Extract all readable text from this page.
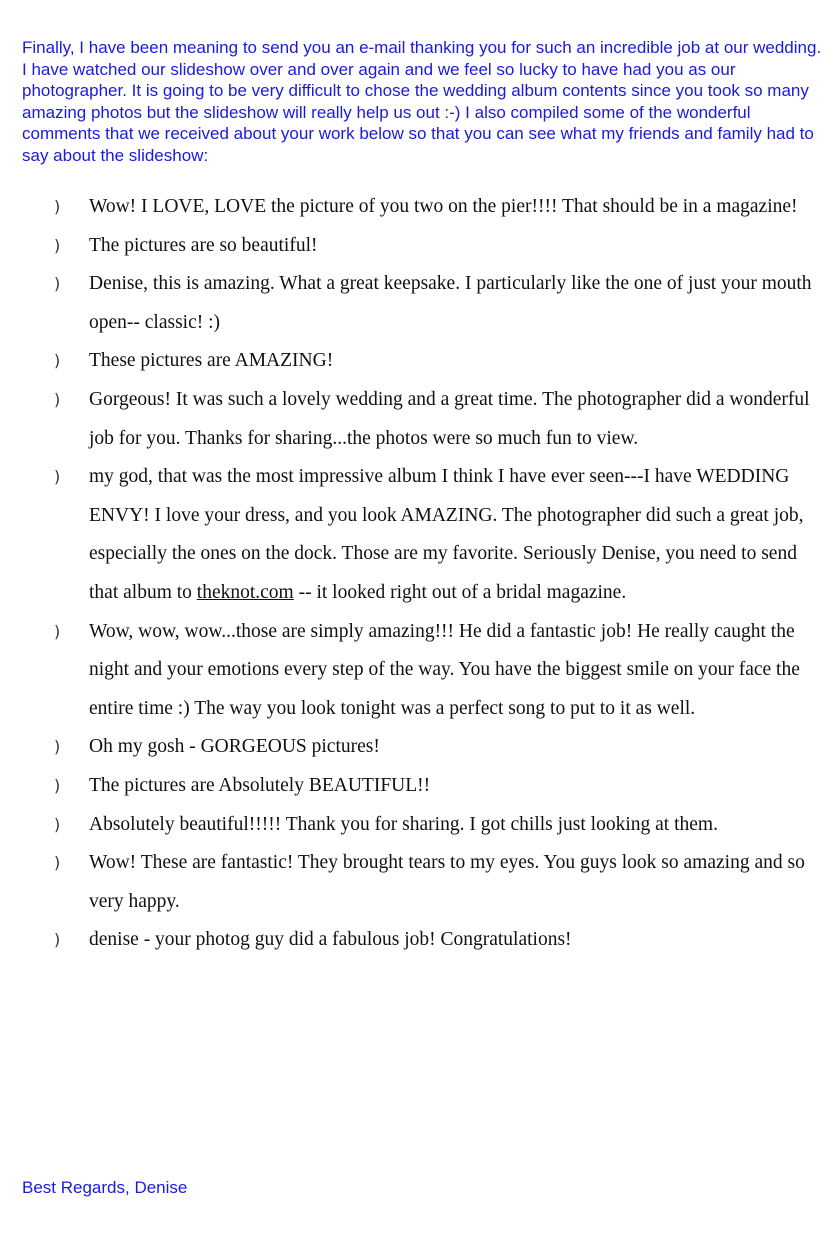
Finally, I have been meaning to send you an e-mail thanking you for such an incredible job at our wedding. I have watched our slideshow over and over again and we feel so lucky to have had you as our photographer. It is going to be very difficult to chose the wedding album contents since you took so many amazing photos but the slideshow will really help us out :-) I also compiled some of the wonderful comments that we received about your work below so that you can see what my friends and family had to say about the slideshow:

) Wow! I LOVE, LOVE the picture of you two on the pier!!!! That should be in a magazine!
) The pictures are so beautiful!
) Denise, this is amazing. What a great keepsake. I particularly like the one of just your mouth open-- classic! :)
) These pictures are AMAZING!
) Gorgeous! It was such a lovely wedding and a great time. The photographer did a wonderful job for you. Thanks for sharing...the photos were so much fun to view.
) my god, that was the most impressive album I think I have ever seen---I have WEDDING ENVY! I love your dress, and you look AMAZING. The photographer did such a great job, especially the ones on the dock. Those are my favorite. Seriously Denise, you need to send that album to theknot.com -- it looked right out of a bridal magazine.
) Wow, wow, wow...those are simply amazing!!! He did a fantastic job! He really caught the night and your emotions every step of the way. You have the biggest smile on your face the entire time :) The way you look tonight was a perfect song to put to it as well.
) Oh my gosh - GORGEOUS pictures!
) The pictures are Absolutely BEAUTIFUL!!
) Absolutely beautiful!!!!! Thank you for sharing. I got chills just looking at them.
) Wow! These are fantastic! They brought tears to my eyes. You guys look so amazing and so very happy.
) denise - your photog guy did a fabulous job! Congratulations!

Best Regards, Denise
